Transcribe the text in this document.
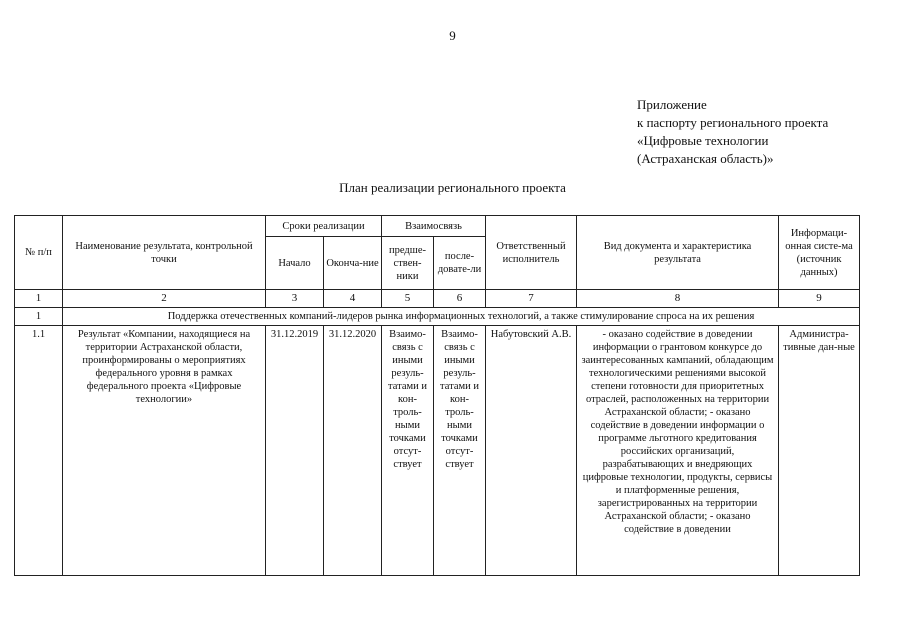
9
Приложение
к паспорту регионального проекта
«Цифровые технологии
(Астраханская область)»
План реализации регионального проекта
№ п/п	Наименование результата, контрольной точки	Сроки реализации		Взаимосвязь		Ответственный исполнитель	Вид документа и характеристика результата	Информаци-онная систе-ма (источник данных)
		Начало	Оконча-ние	предше-ствен-ники	после-довате-ли			
1	2	3	4	5	6	7	8	9
1	Поддержка отечественных компаний-лидеров рынка информационных технологий, а также стимулирование спроса на их решения							
1.1	Результат «Компании, находящиеся на территории Астраханской области, проинформированы о мероприятиях федерального уровня в рамках федерального проекта «Цифровые технологии»	31.12.2019	31.12.2020	Взаимо-связь с иными резуль-татами и кон-троль-ными точками отсут-ствует	Взаимо-связь с иными резуль-татами и кон-троль-ными точками отсут-ствует	Набутовский А.В.	- оказано содействие в доведении информации о грантовом конкурсе до заинтересованных кампаний, обладающим технологическими решениями высокой степени готовности для приоритетных отраслей, расположенных на территории Астраханской области; - оказано содействие в доведении информации о программе льготного кредитования российских организаций, разрабатывающих и внедряющих цифровые технологии, продукты, сервисы и платформенные решения, зарегистрированных на территории Астраханской области; - оказано содействие в доведении	Администра-тивные дан-ные
